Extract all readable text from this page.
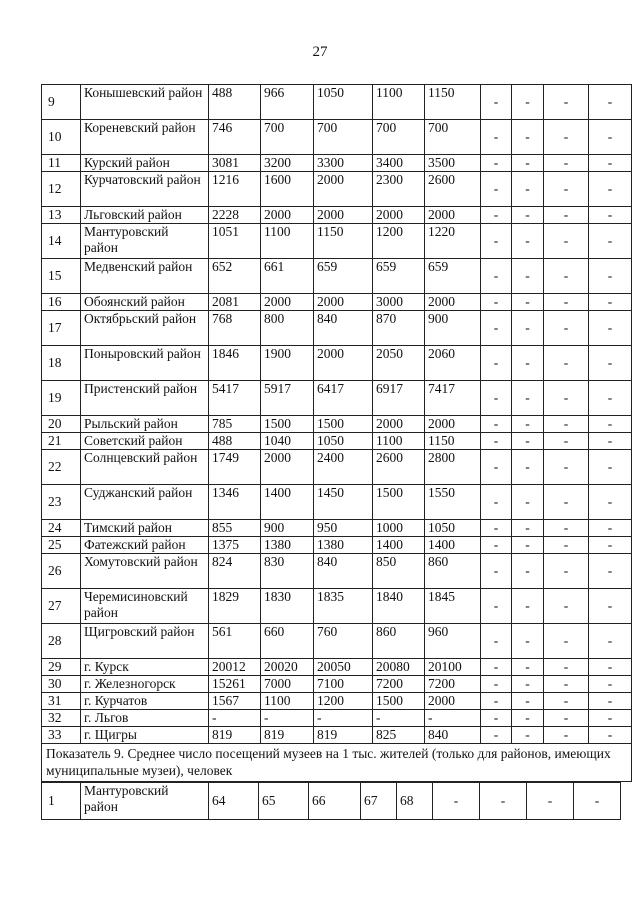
27
9	Конышевский район	488	966	1050	1100	1150	-	-	-	-
10	Кореневский район	746	700	700	700	700	-	-	-	-
11	Курский район	3081	3200	3300	3400	3500	-	-	-	-
12	Курчатовский район	1216	1600	2000	2300	2600	-	-	-	-
13	Льговский район	2228	2000	2000	2000	2000	-	-	-	-
14	Мантуровский район	1051	1100	1150	1200	1220	-	-	-	-
15	Медвенский район	652	661	659	659	659	-	-	-	-
16	Обоянский район	2081	2000	2000	3000	2000	-	-	-	-
17	Октябрьский район	768	800	840	870	900	-	-	-	-
18	Поныровский район	1846	1900	2000	2050	2060	-	-	-	-
19	Пристенский район	5417	5917	6417	6917	7417	-	-	-	-
20	Рыльский район	785	1500	1500	2000	2000	-	-	-	-
21	Советский район	488	1040	1050	1100	1150	-	-	-	-
22	Солнцевский район	1749	2000	2400	2600	2800	-	-	-	-
23	Суджанский район	1346	1400	1450	1500	1550	-	-	-	-
24	Тимский район	855	900	950	1000	1050	-	-	-	-
25	Фатежский район	1375	1380	1380	1400	1400	-	-	-	-
26	Хомутовский район	824	830	840	850	860	-	-	-	-
27	Черемисиновский район	1829	1830	1835	1840	1845	-	-	-	-
28	Щигровский район	561	660	760	860	960	-	-	-	-
29	г. Курск	20012	20020	20050	20080	20100	-	-	-	-
30	г. Железногорск	15261	7000	7100	7200	7200	-	-	-	-
31	г. Курчатов	1567	1100	1200	1500	2000	-	-	-	-
32	г. Льгов	-	-	-	-	-	-	-	-	-
33	г. Щигры	819	819	819	825	840	-	-	-	-
Показатель 9. Среднее число посещений музеев на 1 тыс. жителей (только для районов, имеющих муниципальные музеи), человек										
1	Мантуровский район	64	65	66	67	68	-	-	-	-
